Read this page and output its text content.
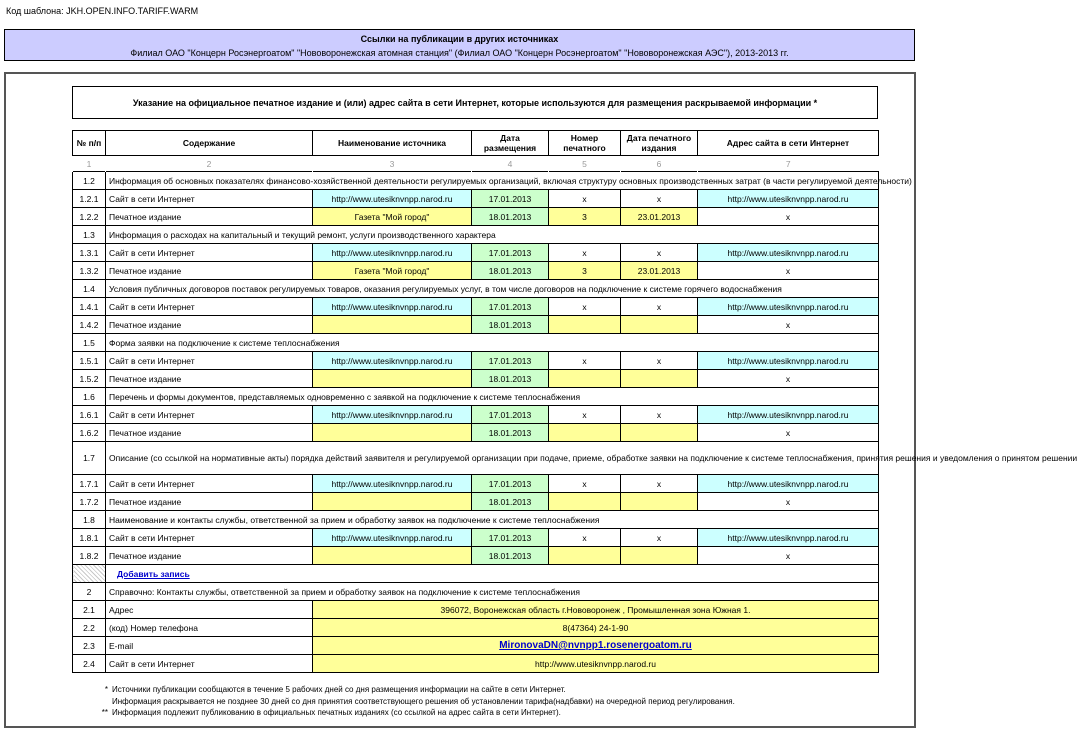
Код шаблона: JKH.OPEN.INFO.TARIFF.WARM
Ссылки на публикации в других источниках
Филиал ОАО "Концерн Росэнергоатом" "Нововоронежская атомная станция" (Филиал ОАО "Концерн Росэнергоатом" "Нововоронежская АЭС"), 2013-2013 гг.
Указание на официальное печатное издание и (или) адрес сайта в сети Интернет, которые используются для размещения раскрываемой информации *
№ п/п	Содержание	Наименование источника	Дата размещения	Номер печатного	Дата печатного издания	Адрес сайта в сети Интернет
1	2	3	4	5	6	7
1.2	Информация об основных показателях финансово-хозяйственной деятельности регулируемых организаций, включая структуру основных производственных затрат (в части регулируемой деятельности)					
1.2.1	Сайт в сети Интернет	http://www.utesiknvnpp.narod.ru	17.01.2013	x	x	http://www.utesiknvnpp.narod.ru
1.2.2	Печатное издание	Газета "Мой город"	18.01.2013	3	23.01.2013	x
1.3	Информация о расходах на капитальный и текущий ремонт, услуги производственного характера					
1.3.1	Сайт в сети Интернет	http://www.utesiknvnpp.narod.ru	17.01.2013	x	x	http://www.utesiknvnpp.narod.ru
1.3.2	Печатное издание	Газета "Мой город"	18.01.2013	3	23.01.2013	x
1.4	Условия публичных договоров поставок регулируемых товаров, оказания регулируемых услуг, в том числе договоров на подключение к системе горячего водоснабжения					
1.4.1	Сайт в сети Интернет	http://www.utesiknvnpp.narod.ru	17.01.2013	x	x	http://www.utesiknvnpp.narod.ru
1.4.2	Печатное издание		18.01.2013			x
1.5	Форма заявки на подключение к системе теплоснабжения					
1.5.1	Сайт в сети Интернет	http://www.utesiknvnpp.narod.ru	17.01.2013	x	x	http://www.utesiknvnpp.narod.ru
1.5.2	Печатное издание		18.01.2013			x
1.6	Перечень и формы документов, представляемых одновременно с заявкой на подключение к системе теплоснабжения					
1.6.1	Сайт в сети Интернет	http://www.utesiknvnpp.narod.ru	17.01.2013	x	x	http://www.utesiknvnpp.narod.ru
1.6.2	Печатное издание		18.01.2013			x
1.7	Описание (со ссылкой на нормативные акты) порядка действий заявителя и регулируемой организации при подаче, приеме, обработке заявки на подключение к системе теплоснабжения, принятия решения и уведомления о принятом решении					
1.7.1	Сайт в сети Интернет	http://www.utesiknvnpp.narod.ru	17.01.2013	x	x	http://www.utesiknvnpp.narod.ru
1.7.2	Печатное издание		18.01.2013			x
1.8	Наименование и контакты службы, ответственной за прием и обработку заявок на подключение к системе теплоснабжения					
1.8.1	Сайт в сети Интернет	http://www.utesiknvnpp.narod.ru	17.01.2013	x	x	http://www.utesiknvnpp.narod.ru
1.8.2	Печатное издание		18.01.2013			x
	Добавить запись					
2	Справочно: Контакты службы, ответственной за прием и обработку заявок на подключение к системе теплоснабжения					
2.1	Адрес	396072, Воронежская область г.Нововоронеж , Промышленная зона Южная 1.				
2.2	(код) Номер телефона	8(47364) 24-1-90				
2.3	E-mail	MironovaDN@nvnpp1.rosenergoatom.ru				
2.4	Сайт в сети Интернет	http://www.utesiknvnpp.narod.ru				
* Источники публикации сообщаются в течение 5 рабочих дней со дня размещения информации на сайте в сети Интернет.
Информация раскрывается не позднее 30 дней со дня принятия соответствующего решения об установлении тарифа(надбавки) на очередной период регулирования.
** Информация подлежит публикованию в официальных печатных изданиях (со ссылкой на адрес сайта в сети Интернет).
